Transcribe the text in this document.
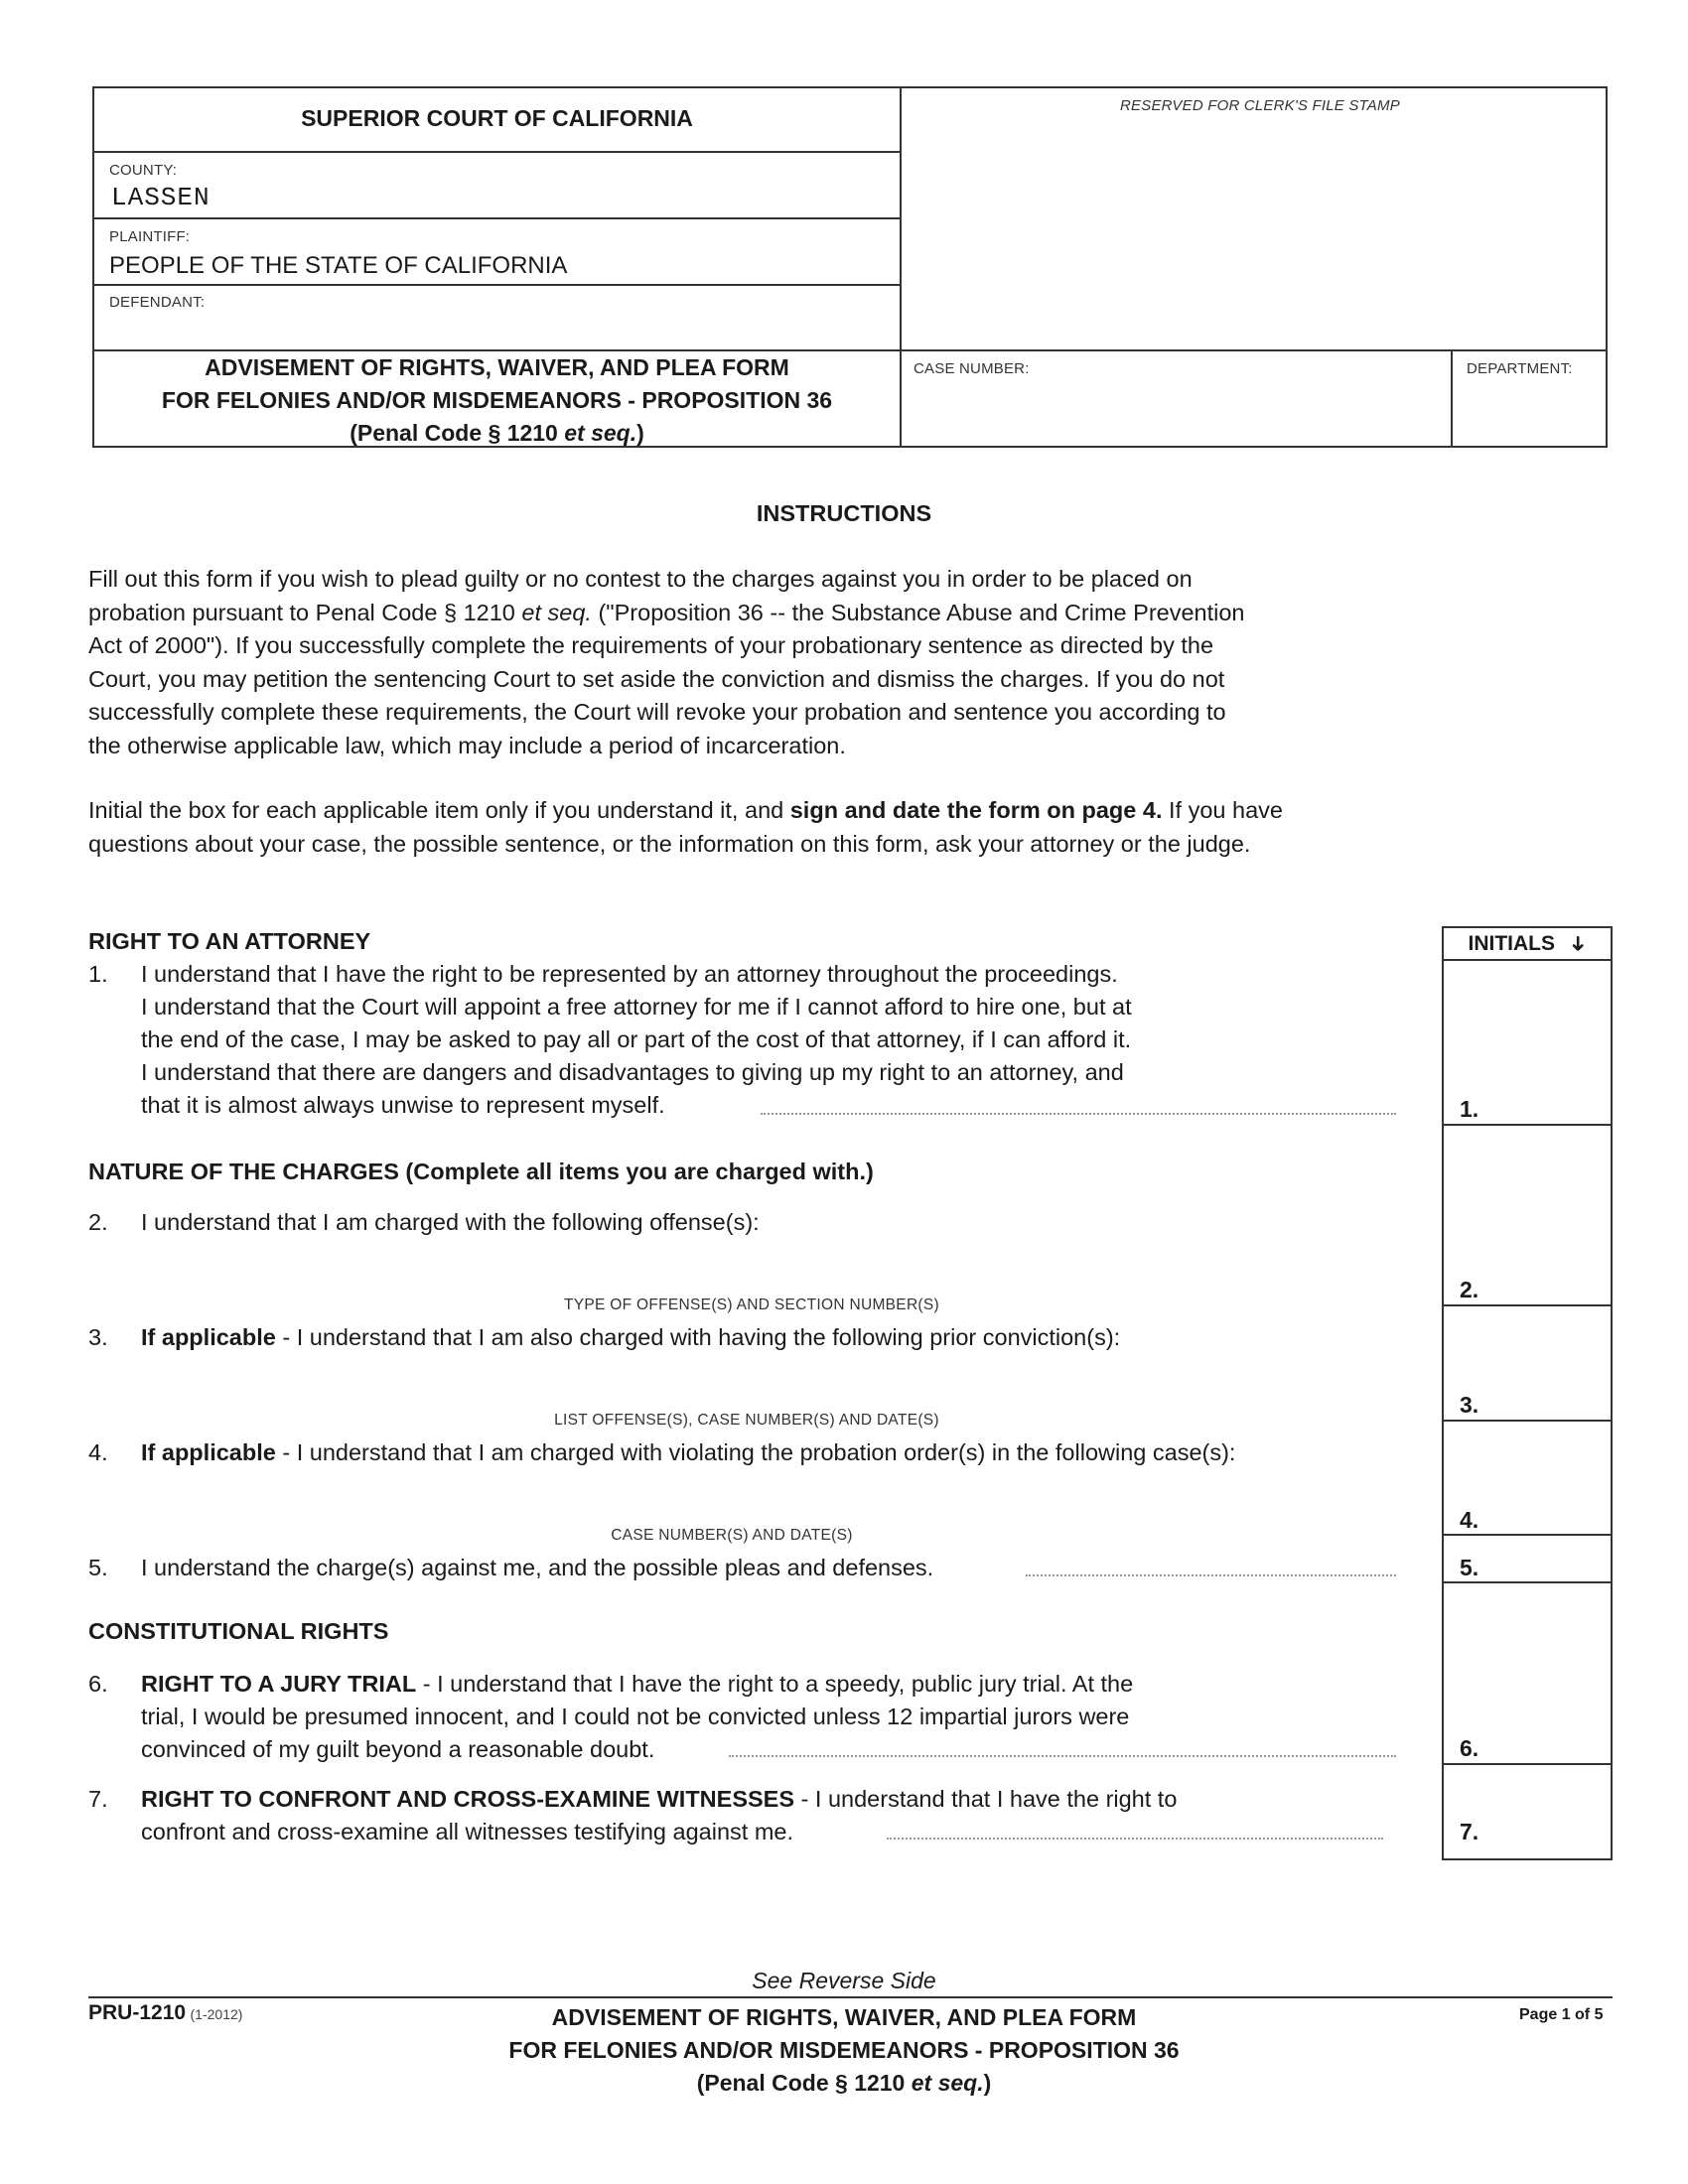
SUPERIOR COURT OF CALIFORNIA	RESERVED FOR CLERK'S FILE STAMP
COUNTY:
LASSEN
PLAINTIFF:
PEOPLE OF THE STATE OF CALIFORNIA
DEFENDANT:
ADVISEMENT OF RIGHTS, WAIVER, AND PLEA FORM
FOR FELONIES AND/OR MISDEMEANORS - PROPOSITION 36
(Penal Code § 1210 et seq.)
CASE NUMBER:	DEPARTMENT:
INSTRUCTIONS
Fill out this form if you wish to plead guilty or no contest to the charges against you in order to be placed on
probation pursuant to Penal Code § 1210 et seq. ("Proposition 36 -- the Substance Abuse and Crime Prevention
Act of 2000"). If you successfully complete the requirements of your probationary sentence as directed by the
Court, you may petition the sentencing Court to set aside the conviction and dismiss the charges. If you do not
successfully complete these requirements, the Court will revoke your probation and sentence you according to
the otherwise applicable law, which may include a period of incarceration.
Initial the box for each applicable item only if you understand it, and sign and date the form on page 4. If you have
questions about your case, the possible sentence, or the information on this form, ask your attorney or the judge.
INITIALS ➜
1.
2.
3.
4.
5.
6.
7.
RIGHT TO AN ATTORNEY
1. I understand that I have the right to be represented by an attorney throughout the proceedings.
I understand that the Court will appoint a free attorney for me if I cannot afford to hire one, but at
the end of the case, I may be asked to pay all or part of the cost of that attorney, if I can afford it.
I understand that there are dangers and disadvantages to giving up my right to an attorney, and
that it is almost always unwise to represent myself.
NATURE OF THE CHARGES (Complete all items you are charged with.)
2. I understand that I am charged with the following offense(s):
TYPE OF OFFENSE(S) AND SECTION NUMBER(S)
3. If applicable - I understand that I am also charged with having the following prior conviction(s):
LIST OFFENSE(S), CASE NUMBER(S) AND DATE(S)
4. If applicable - I understand that I am charged with violating the probation order(s) in the following case(s):
CASE NUMBER(S) AND DATE(S)
5. I understand the charge(s) against me, and the possible pleas and defenses.
CONSTITUTIONAL RIGHTS
6. RIGHT TO A JURY TRIAL - I understand that I have the right to a speedy, public jury trial. At the
trial, I would be presumed innocent, and I could not be convicted unless 12 impartial jurors were
convinced of my guilt beyond a reasonable doubt.
7. RIGHT TO CONFRONT AND CROSS-EXAMINE WITNESSES - I understand that I have the right to
confront and cross-examine all witnesses testifying against me.
See Reverse Side
PRU-1210 (1-2012)	ADVISEMENT OF RIGHTS, WAIVER, AND PLEA FORM
FOR FELONIES AND/OR MISDEMEANORS - PROPOSITION 36
(Penal Code § 1210 et seq.)
Page 1 of 5
